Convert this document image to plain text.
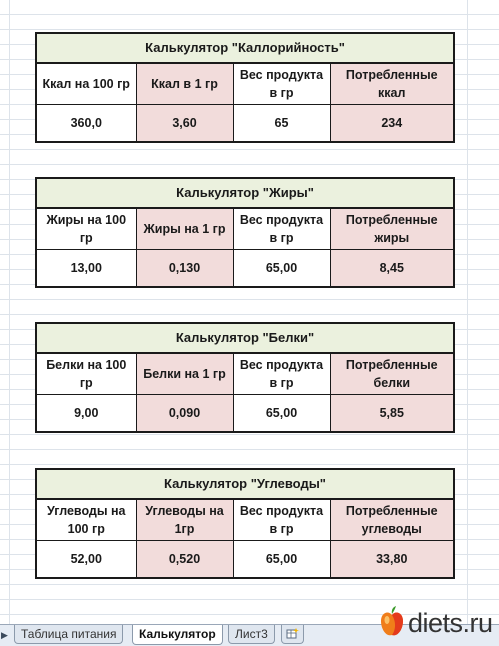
Калькулятор "Каллорийность"			
Ккал на 100 гр	Ккал в 1 гр	Вес продукта в гр	Потребленные ккал
360,0	3,60	65	234
Калькулятор "Жиры"			
Жиры на 100 гр	Жиры на 1 гр	Вес продукта в гр	Потребленные жиры
13,00	0,130	65,00	8,45
Калькулятор "Белки"			
Белки на 100 гр	Белки на 1 гр	Вес продукта в гр	Потребленные белки
9,00	0,090	65,00	5,85
Калькулятор "Углеводы"			
Углеводы на 100 гр	Углеводы на 1гр	Вес продукта в гр	Потребленные углеводы
52,00	0,520	65,00	33,80
▶	Таблица питания	Калькулятор	Лист3	diets.ru
